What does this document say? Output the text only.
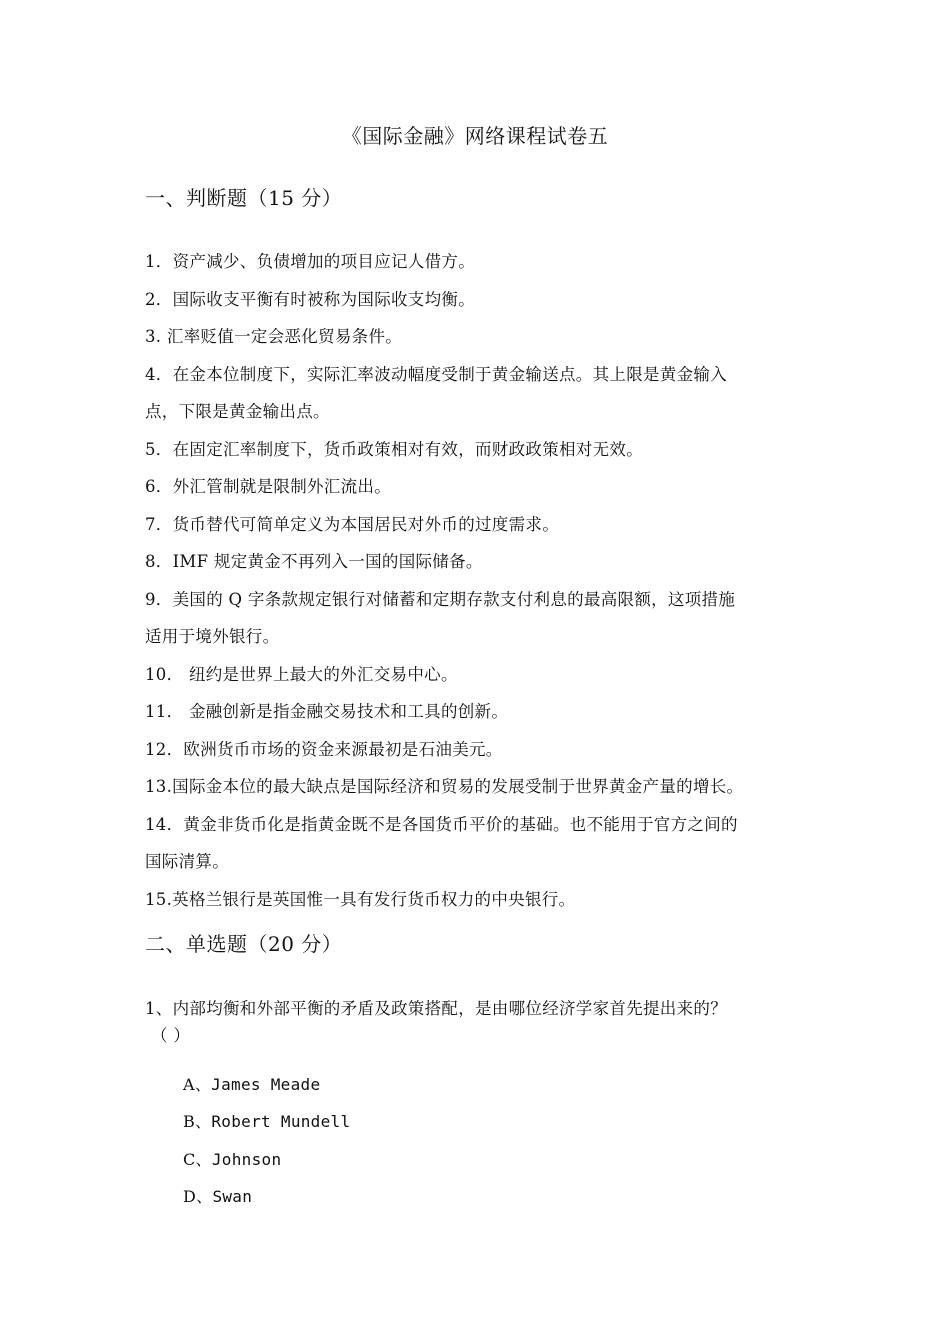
《国际金融》网络课程试卷五
一、判断题（15 分）

1．资产减少、负债增加的项目应记人借方。

2．国际收支平衡有时被称为国际收支均衡。

3. 汇率贬值一定会恶化贸易条件。

4．在金本位制度下，实际汇率波动幅度受制于黄金输送点。其上限是黄金输入

点，下限是黄金输出点。

5．在固定汇率制度下，货币政策相对有效，而财政政策相对无效。

6．外汇管制就是限制外汇流出。

7．货币替代可简单定义为本国居民对外币的过度需求。

8．IMF 规定黄金不再列入一国的国际储备。

9．美国的 Q 字条款规定银行对储蓄和定期存款支付利息的最高限额，这项措施

适用于境外银行。

10． 纽约是世界上最大的外汇交易中心。

11． 金融创新是指金融交易技术和工具的创新。

12．欧洲货币市场的资金来源最初是石油美元。

13.国际金本位的最大缺点是国际经济和贸易的发展受制于世界黄金产量的增长。

14．黄金非货币化是指黄金既不是各国货币平价的基础。也不能用于官方之间的

国际清算。

15.英格兰银行是英国惟一具有发行货币权力的中央银行。

二、单选题（20 分）
1、内部均衡和外部平衡的矛盾及政策搭配，是由哪位经济学家首先提出来的？
（ ）
A、James Meade
B、Robert Mundell
C、Johnson
D、Swan
